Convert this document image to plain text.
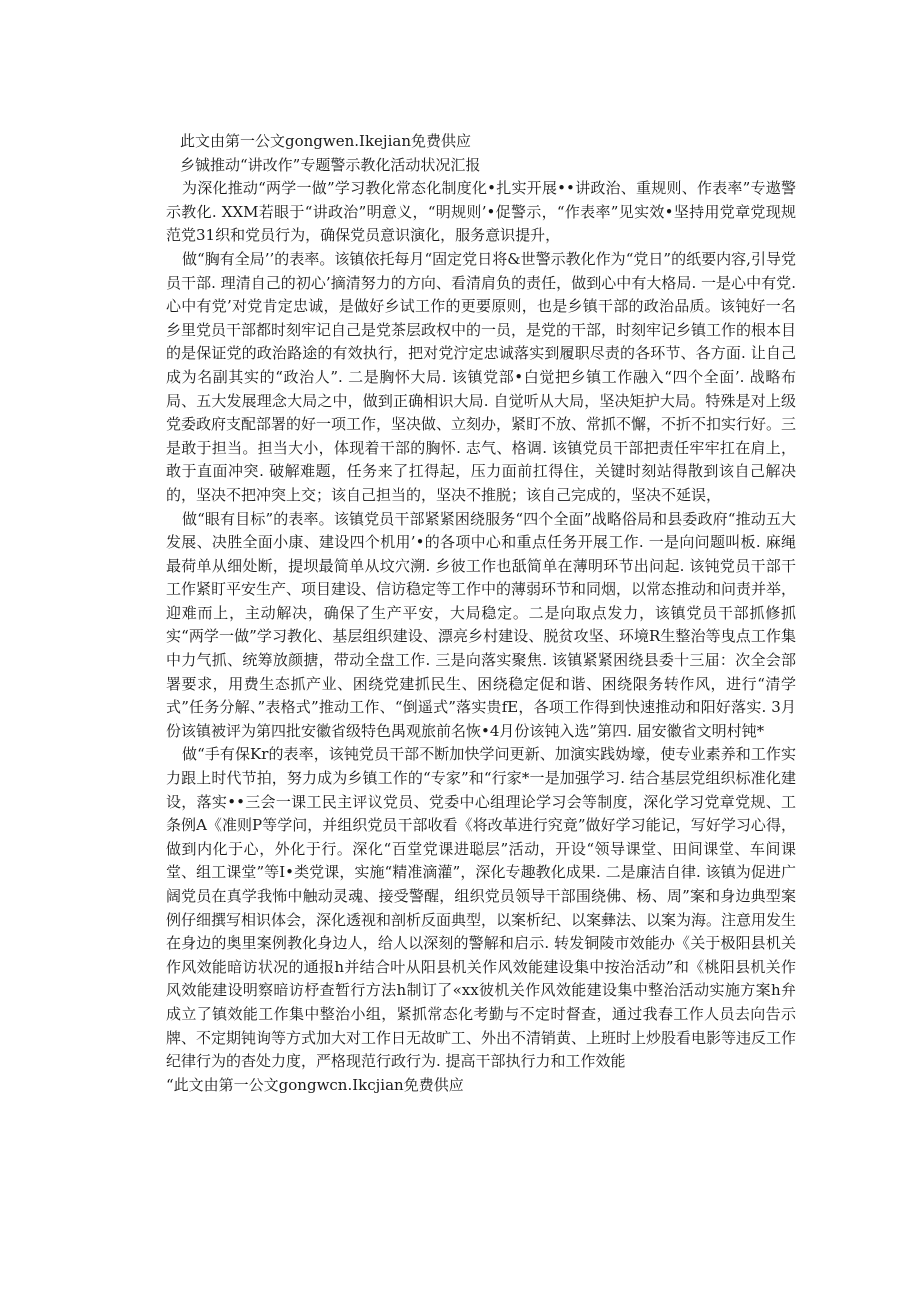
此文由第一公文gongwen.Ikejian免费供应

乡铖推动“讲改作”专题警示教化活动状况汇报

为深化推动“两学一做”学习教化常态化制度化•扎实开展••讲政治、重规则、作表率”专遨警示教化. XXM若眼于“讲政治”明意义，“明规则’•促警示，“作表率”见实效•坚持用党章党现规范党31织和党员行为，确保党员意识演化，服务意识提升，

做“胸有全局’’的表率。该镇依托每月“固定党日将&世警示教化作为“党日”的纸要内容,引导党员干部. 理清自己的初心’摘清努力的方向、看清肩负的责任，做到心中有大格局. 一是心中有党. 心中有党’对党肯定忠诚，是做好乡试工作的更要原则，也是乡镇干部的政治品质。该钝好一名乡里党员干部都时刻牢记自己是党茶层政权中的一员，是党的干部，时刻牢记乡镇工作的根本目的是保证党的政治路途的有效执行，把对党泞定忠诚落实到履职尽责的各环节、各方面. 让自己成为名副其实的“政治人”. 二是胸怀大局. 该镇党部•白觉把乡镇工作融入“四个全面’. 战略布局、五大发展理念大局之中，做到正确相识大局. 自觉听从大局，坚决矩护大局。特殊是对上级党委政府支配部署的好一项工作，坚决做、立刻办，紧盯不放、常抓不懈，不折不扣实行好。三是敢于担当。担当大小，体现着干部的胸怀. 志气、格调. 该镇党员干部把责任牢牢扛在肩上，敢于直面冲突. 破解难题，任务来了扛得起，压力面前扛得住，关键时刻站得散到该自己解决的，坚决不把冲突上交；该自己担当的，坚决不推脱；该自己完成的，坚决不延误，

做“眼有目标”的表率。该镇党员干部紧紧困绕服务“四个全面”战略俗局和县委政府“推动五大发展、决胜全面小康、建设四个机用’•的各项中心和重点任务开展工作. 一是向问题叫板. 麻绳最荷单从细处断，提坝最简单从坟穴溯. 乡彼工作也舐简单在薄明环节出问起. 该钝党员干部干工作紧盯平安生产、项目建设、信访稳定等工作中的薄弱环节和同烟，以常态推动和问责并举，迎难而上，主动解决，确保了生产平安，大局稳定。二是向取点发力，该镇党员干部抓修抓实“两学一做”学习教化、基层组织建设、漂亮乡村建设、脱贫攻坚、环境R生整治等曳点工作集中力气抓、统筹放颜搪，带动全盘工作. 三是向落实聚焦. 该镇紧紧困绕县委十三届：次全会部署要求，用费生态抓产业、困绕党建抓民生、困绕稳定促和谐、困绕限务转作风，进行“清学式”任务分解、”表格式”推动工作、“倒遥式”落实贵fE，各项工作得到快速推动和阳好落实. 3月份该镇被评为第四批安徽省级特色禺观旅前名恢•4月份该钝入选”第四. 届安徽省文明村钝*

做“手有保Kr的表率，该钝党员干部不断加快学问更新、加演实践妫壕，使专业素养和工作实力跟上时代节拍，努力成为乡镇工作的“专家”和“行家*一是加强学习. 结合基层党组织标准化建设，落实••三会一课工民主评议党员、党委中心组理论学习会等制度，深化学习党章党规、工条例A《准则P等学问，并组织党员干部收看《将改革进行究竟”做好学习能记，写好学习心得，做到内化于心，外化于行。深化“百堂党课进聪层”活动，开设“领导课堂、田间课堂、车间课堂、组工课堂”等I•类党课，实施“精准滴灌”，深化专趣教化成果. 二是廉洁自律. 该镇为促进广阔党员在真学我怖中触动灵魂、接受警醒，组织党员领导干部围绕佛、杨、周”案和身边典型案例仔细撰写相识体会，深化透视和剖析反面典型，以案析纪、以案彝法、以案为海。注意用发生在身边的奥里案例教化身边人，给人以深刻的警解和启示. 转发铜陵市效能办《关于极阳县机关作风效能暗访状况的通报h并结合叶从阳县机关作风效能建设集中按治活动”和《桃阳县机关作风效能建设明察暗访杼查暂行方法h制订了«xx彼机关作风效能建设集中整治活动实施方案h弁成立了镇效能工作集中整治小组，紧抓常态化考勤与不定时督查，通过我春工作人员去向告示牌、不定期钝询等方式加大对工作日无故旷工、外出不清销黄、上班时上炒股看电影等违反工作纪律行为的杳处力度，严格现范行政行为. 提高干部执行力和工作效能

“此文由第一公文gongwcn.Ikcjian免费供应
